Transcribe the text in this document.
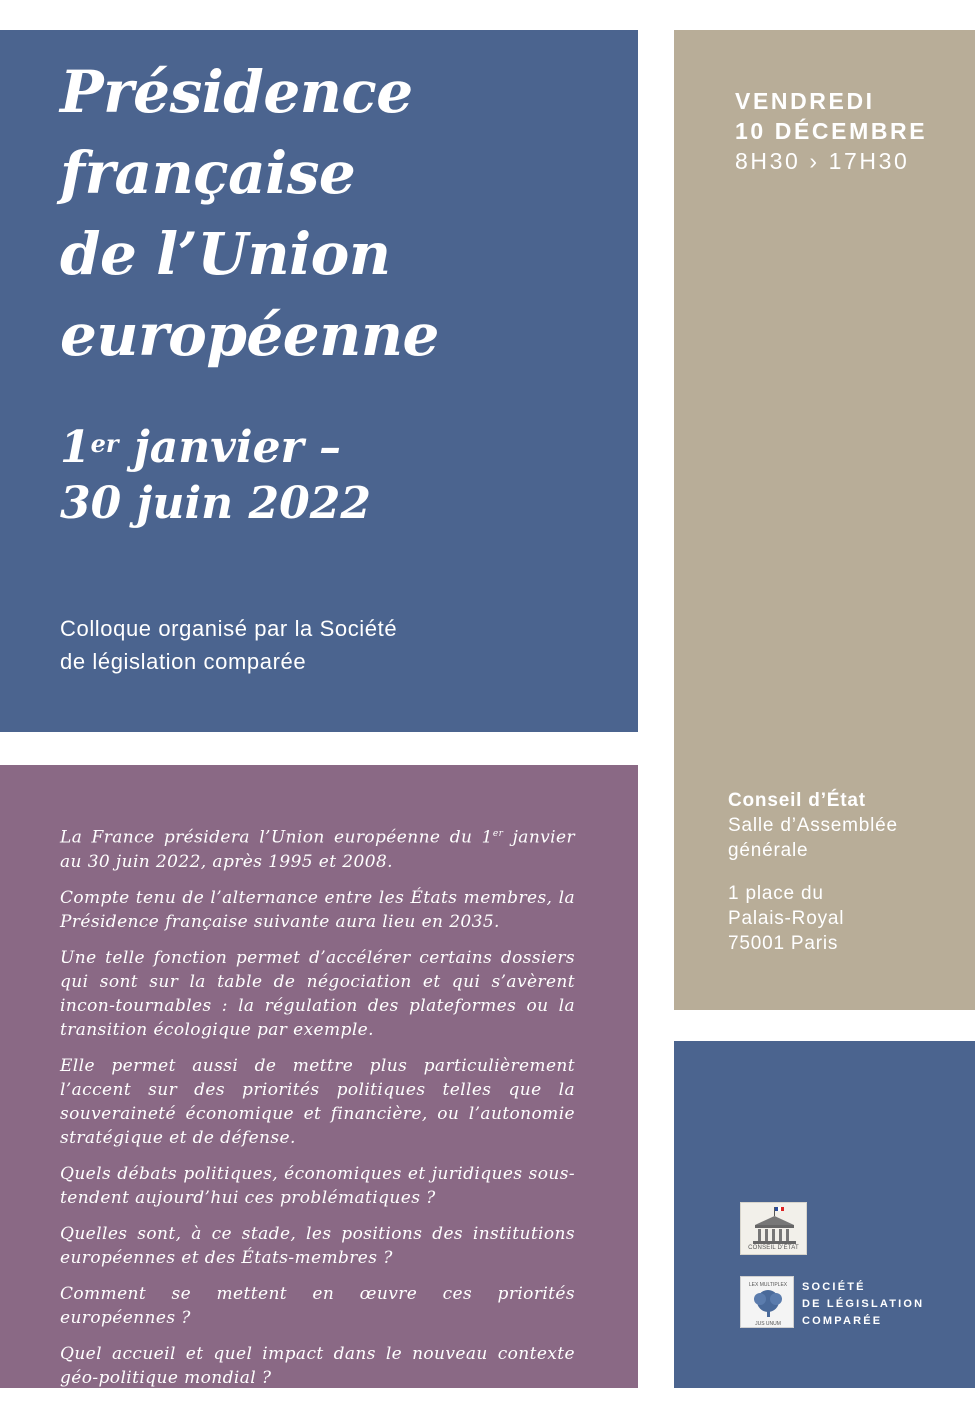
Présidence
française
de l’Union
européenne
1er janvier –
30 juin 2022
Colloque organisé par la Société
de législation comparée
VENDREDI
10 DÉCEMBRE
8H30 › 17H30
Conseil d’État
Salle d’Assemblée
générale
1 place du
Palais-Royal
75001 Paris

La France présidera l’Union européenne du 1er janvier au 30 juin 2022, après 1995 et 2008.

Compte tenu de l’alternance entre les États membres, la Présidence française suivante aura lieu en 2035.

Une telle fonction permet d’accélérer certains dossiers qui sont sur la table de négociation et qui s’avèrent incon-tournables : la régulation des plateformes ou la transition écologique par exemple.

Elle permet aussi de mettre plus particulièrement l’accent sur des priorités politiques telles que la souveraineté économique et financière, ou l’autonomie stratégique et de défense.

Quels débats politiques, économiques et juridiques sous-tendent aujourd’hui ces problématiques ?

Quelles sont, à ce stade, les positions des institutions européennes et des États-membres ?

Comment se mettent en œuvre ces priorités européennes ?

Quel accueil et quel impact dans le nouveau contexte géo-politique mondial ?

CONSEIL D’ÉTAT
LEX MULTIPLEX
JUS UNUM
SOCIÉTÉ
DE LÉGISLATION
COMPARÉE
